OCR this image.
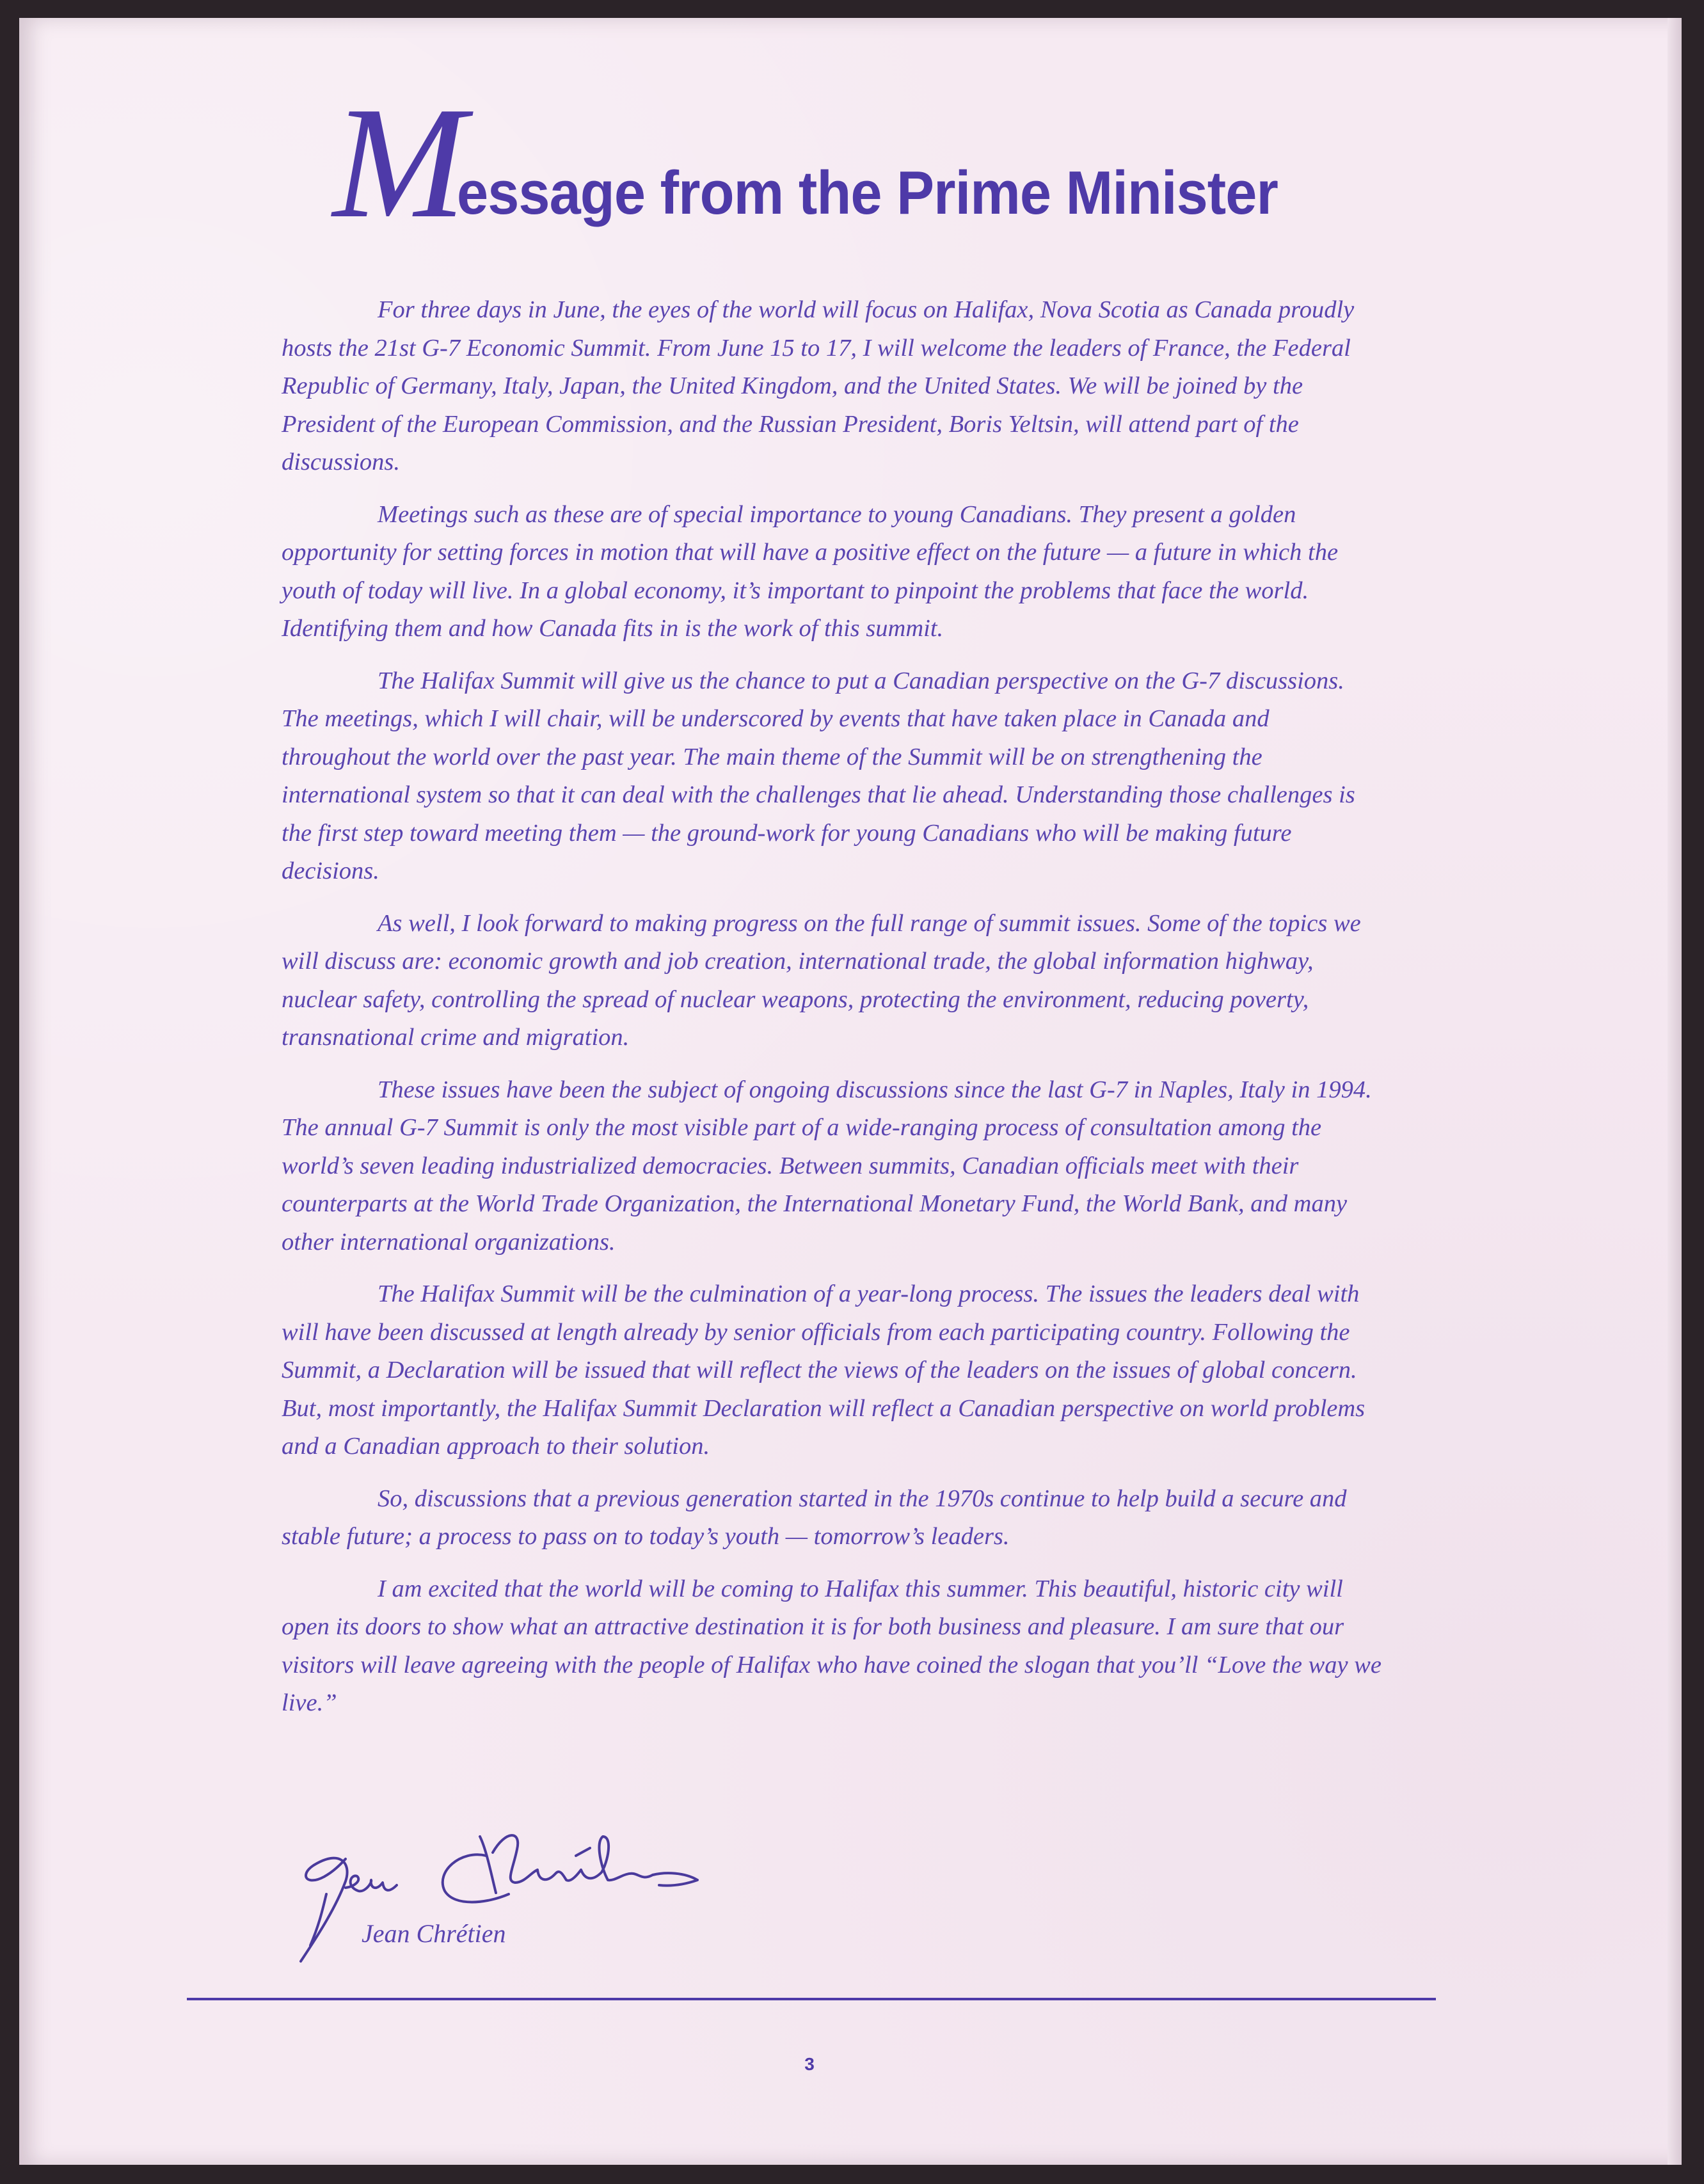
Message from the Prime Minister

For three days in June, the eyes of the world will focus on Halifax, Nova Scotia as Canada proudly hosts the 21st G-7 Economic Summit. From June 15 to 17, I will welcome the leaders of France, the Federal Republic of Germany, Italy, Japan, the United Kingdom, and the United States. We will be joined by the President of the European Commission, and the Russian President, Boris Yeltsin, will attend part of the discussions.

Meetings such as these are of special importance to young Canadians. They present a golden opportunity for setting forces in motion that will have a positive effect on the future — a future in which the youth of today will live. In a global economy, it’s important to pinpoint the problems that face the world. Identifying them and how Canada fits in is the work of this summit.

The Halifax Summit will give us the chance to put a Canadian perspective on the G-7 discussions. The meetings, which I will chair, will be underscored by events that have taken place in Canada and throughout the world over the past year. The main theme of the Summit will be on strengthening the international system so that it can deal with the challenges that lie ahead. Understanding those challenges is the first step toward meeting them — the ground-work for young Canadians who will be making future decisions.

As well, I look forward to making progress on the full range of summit issues. Some of the topics we will discuss are: economic growth and job creation, international trade, the global information highway, nuclear safety, controlling the spread of nuclear weapons, protecting the environment, reducing poverty, transnational crime and migration.

These issues have been the subject of ongoing discussions since the last G-7 in Naples, Italy in 1994. The annual G-7 Summit is only the most visible part of a wide-ranging process of consultation among the world’s seven leading industrialized democracies. Between summits, Canadian officials meet with their counterparts at the World Trade Organization, the International Monetary Fund, the World Bank, and many other international organizations.

The Halifax Summit will be the culmination of a year-long process. The issues the leaders deal with will have been discussed at length already by senior officials from each participating country. Following the Summit, a Declaration will be issued that will reflect the views of the leaders on the issues of global concern. But, most importantly, the Halifax Summit Declaration will reflect a Canadian perspective on world problems and a Canadian approach to their solution.

So, discussions that a previous generation started in the 1970s continue to help build a secure and stable future; a process to pass on to today’s youth — tomorrow’s leaders.

I am excited that the world will be coming to Halifax this summer. This beautiful, historic city will open its doors to show what an attractive destination it is for both business and pleasure. I am sure that our visitors will leave agreeing with the people of Halifax who have coined the slogan that you’ll “Love the way we live.”

Jean Chrétien
3
